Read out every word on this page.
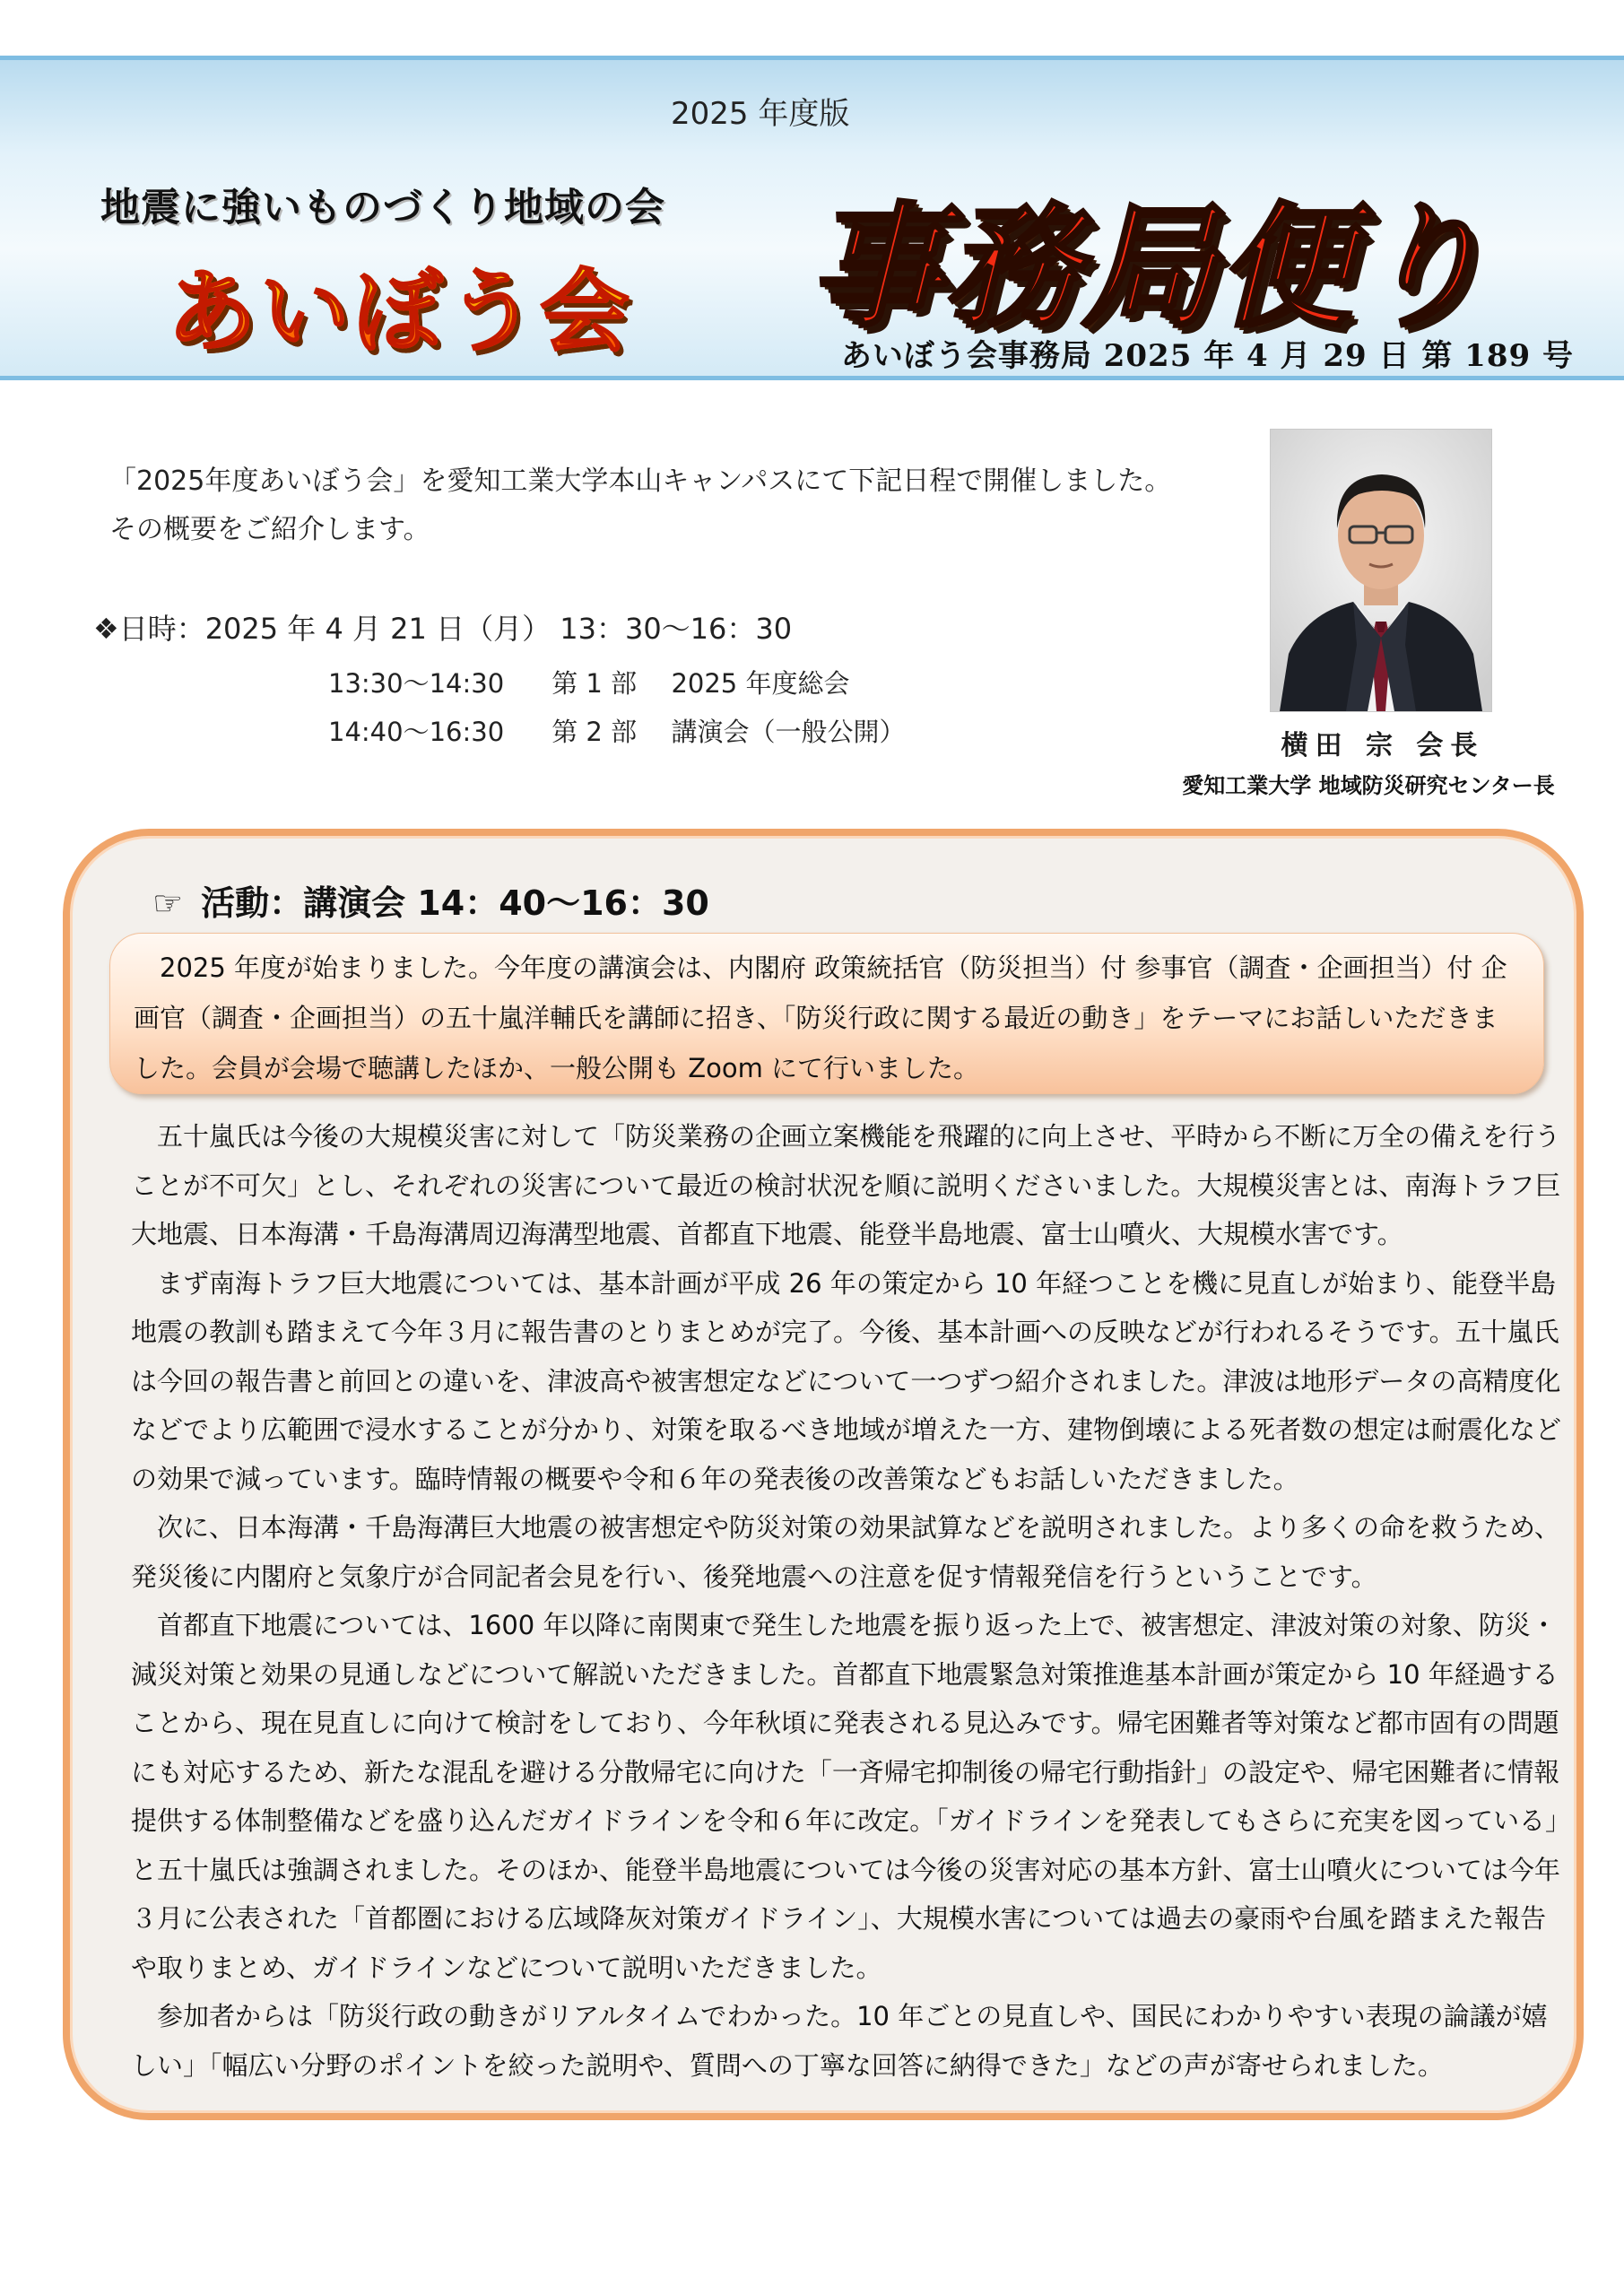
2025 年度版
地震に強いものづくり地域の会
あいぼう会 事務局便り
あいぼう会事務局 2025 年 4 月 29 日 第 189 号
「2025年度あいぼう会」を愛知工業大学本山キャンパスにて下記日程で開催しました。その概要をご紹介します。
❖日時：2025 年 4 月 21 日（月） 13：30〜16：30
13:30〜14:30 第 1 部 2025 年度総会
14:40〜16:30 第 2 部 講演会（一般公開）	横田 宗 会長
愛知工業大学 地域防災研究センター長
☞ 活動：講演会 14：40〜16：30
　2025 年度が始まりました。今年度の講演会は、内閣府 政策統括官（防災担当）付 参事官（調査・企画担当）付 企画官（調査・企画担当）の五十嵐洋輔氏を講師に招き、「防災行政に関する最近の動き」をテーマにお話しいただきました。会員が会場で聴講したほか、一般公開も Zoom にて行いました。

　五十嵐氏は今後の大規模災害に対して「防災業務の企画立案機能を飛躍的に向上させ、平時から不断に万全の備えを行うことが不可欠」とし、それぞれの災害について最近の検討状況を順に説明くださいました。大規模災害とは、南海トラフ巨大地震、日本海溝・千島海溝周辺海溝型地震、首都直下地震、能登半島地震、富士山噴火、大規模水害です。

　まず南海トラフ巨大地震については、基本計画が平成 26 年の策定から 10 年経つことを機に見直しが始まり、能登半島地震の教訓も踏まえて今年３月に報告書のとりまとめが完了。今後、基本計画への反映などが行われるそうです。五十嵐氏は今回の報告書と前回との違いを、津波高や被害想定などについて一つずつ紹介されました。津波は地形データの高精度化などでより広範囲で浸水することが分かり、対策を取るべき地域が増えた一方、建物倒壊による死者数の想定は耐震化などの効果で減っています。臨時情報の概要や令和６年の発表後の改善策などもお話しいただきました。

　次に、日本海溝・千島海溝巨大地震の被害想定や防災対策の効果試算などを説明されました。より多くの命を救うため、発災後に内閣府と気象庁が合同記者会見を行い、後発地震への注意を促す情報発信を行うということです。

　首都直下地震については、1600 年以降に南関東で発生した地震を振り返った上で、被害想定、津波対策の対象、防災・減災対策と効果の見通しなどについて解説いただきました。首都直下地震緊急対策推進基本計画が策定から 10 年経過することから、現在見直しに向けて検討をしており、今年秋頃に発表される見込みです。帰宅困難者等対策など都市固有の問題にも対応するため、新たな混乱を避ける分散帰宅に向けた「一斉帰宅抑制後の帰宅行動指針」の設定や、帰宅困難者に情報提供する体制整備などを盛り込んだガイドラインを令和６年に改定。「ガイドラインを発表してもさらに充実を図っている」と五十嵐氏は強調されました。そのほか、能登半島地震については今後の災害対応の基本方針、富士山噴火については今年３月に公表された「首都圏における広域降灰対策ガイドライン」、大規模水害については過去の豪雨や台風を踏まえた報告や取りまとめ、ガイドラインなどについて説明いただきました。

　参加者からは「防災行政の動きがリアルタイムでわかった。10 年ごとの見直しや、国民にわかりやすい表現の論議が嬉しい」「幅広い分野のポイントを絞った説明や、質問への丁寧な回答に納得できた」などの声が寄せられました。
